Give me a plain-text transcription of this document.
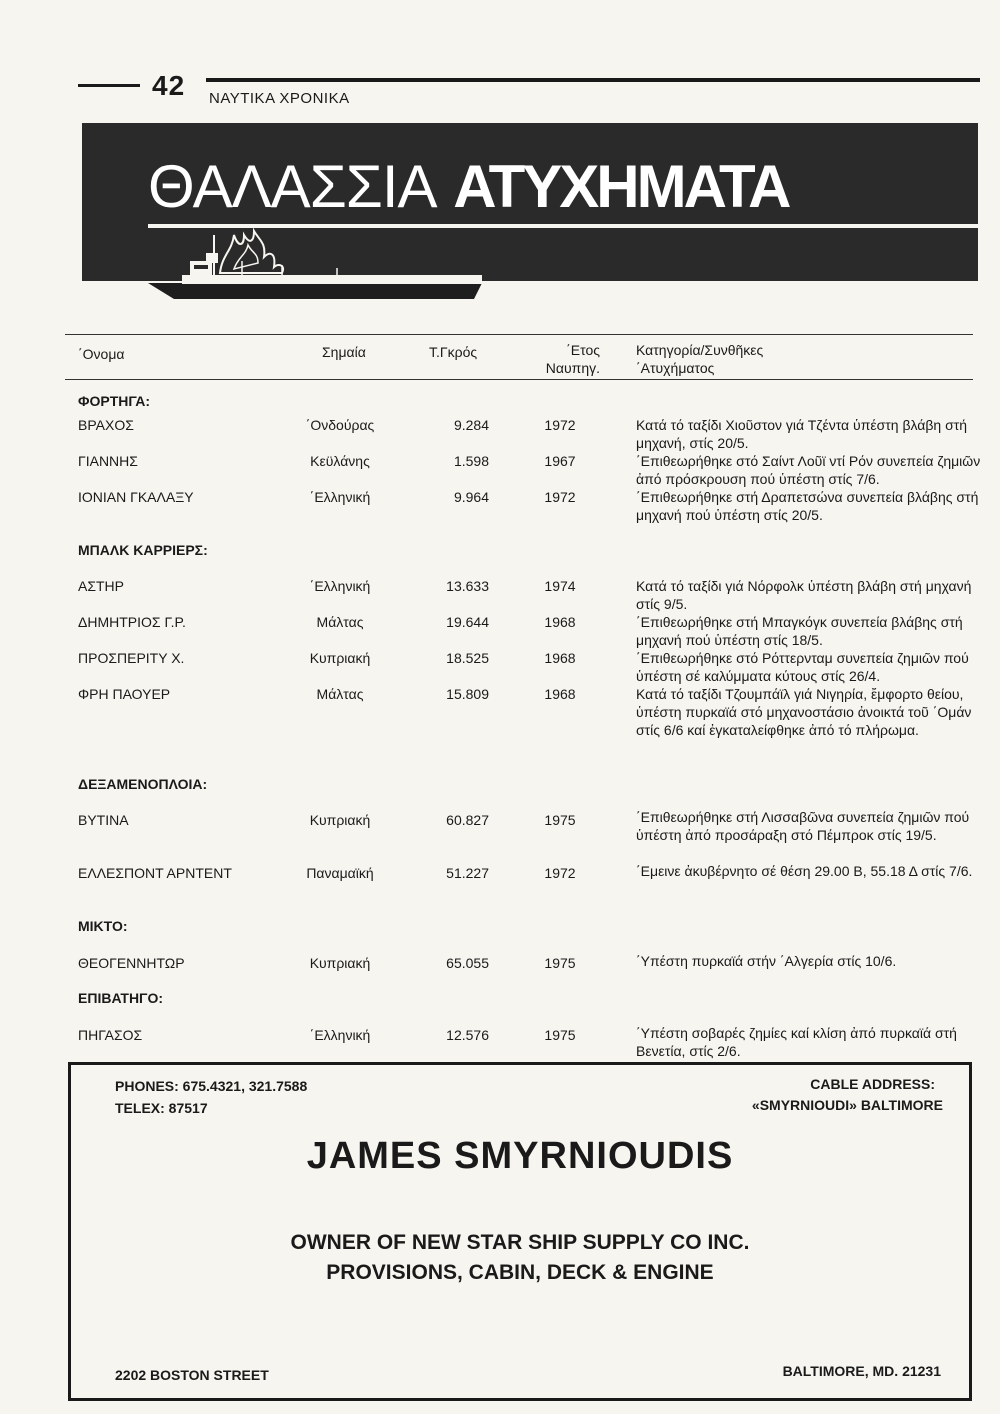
42 ΝΑΥΤΙΚΑ ΧΡΟΝΙΚΑ
ΘΑΛΑΣΣΙΑ ΑΤΥΧΗΜΑΤΑ
΄Ονομα	Σημαία	Τ.Γκρός	΄Ετος
Ναυπηγ.
Κατηγορία/Συνθῆκες
΄Ατυχήματος
ΦΟΡΤΗΓΑ:
ΒΡΑΧΟΣ	΄Ονδούρας	9.284	1972	Κατά τό ταξίδι Χιοῦστον γιά Τζέντα ὑπέστη βλάβη στή μηχανή, στίς 20/5.
ΓΙΑΝΝΗΣ	Κεϋλάνης	1.598	1967	΄Επιθεωρήθηκε στό Σαίντ Λοῦϊ ντί Ρόν συνεπεία ζημιῶν ἀπό πρόσκρουση πού ὑπέστη στίς 7/6.
ΙΟΝΙΑΝ ΓΚΑΛΑΞΥ	΄Ελληνική	9.964	1972	΄Επιθεωρήθηκε στή Δραπετσώνα συνεπεία βλάβης στή μηχανή πού ὑπέστη στίς 20/5.
ΜΠΑΛΚ ΚΑΡΡΙΕΡΣ:
ΑΣΤΗΡ	΄Ελληνική	13.633	1974	Κατά τό ταξίδι γιά Νόρφολκ ὑπέστη βλάβη στή μηχανή στίς 9/5.
ΔΗΜΗΤΡΙΟΣ Γ.Ρ.	Μάλτας	19.644	1968	΄Επιθεωρήθηκε στή Μπαγκόγκ συνεπεία βλάβης στή μηχανή πού ὑπέστη στίς 18/5.
ΠΡΟΣΠΕΡΙΤΥ Χ.	Κυπριακή	18.525	1968	΄Επιθεωρήθηκε στό Ρόττερνταμ συνεπεία ζημιῶν πού ὑπέστη σέ καλύμματα κύτους στίς 26/4.
ΦΡΗ ΠΑΟΥΕΡ	Μάλτας	15.809	1968	Κατά τό ταξίδι Τζουμπάϊλ γιά Νιγηρία, ἔμφορτο θείου, ὑπέστη πυρκαϊά στό μηχανοστάσιο ἀνοικτά τοῦ ΄Ομάν στίς 6/6 καί ἐγκαταλείφθηκε ἀπό τό πλήρωμα.
ΔΕΞΑΜΕΝΟΠΛΟΙΑ:
ΒΥΤΙΝΑ	Κυπριακή	60.827	1975	΄Επιθεωρήθηκε στή Λισσαβῶνα συνεπεία ζημιῶν πού ὑπέστη ἀπό προσάραξη στό Πέμπροκ στίς 19/5.
ΕΛΛΕΣΠΟΝΤ ΑΡΝΤΕΝΤ	Παναμαϊκή	51.227	1972	΄Εμεινε ἀκυβέρνητο σέ θέση 29.00 Β, 55.18 Δ στίς 7/6.
ΜΙΚΤΟ:
ΘΕΟΓΕΝΝΗΤΩΡ	Κυπριακή	65.055	1975	΄Υπέστη πυρκαϊά στήν ΄Αλγερία στίς 10/6.
ΕΠΙΒΑΤΗΓΟ:
ΠΗΓΑΣΟΣ	΄Ελληνική	12.576	1975	΄Υπέστη σοβαρές ζημίες καί κλίση ἀπό πυρκαϊά στή Βενετία, στίς 2/6.
PHONES: 675.4321, 321.7588
TELEX: 87517
CABLE ADDRESS:
«SMYRNIOUDI» BALTIMORE
JAMES SMYRNIOUDIS
OWNER OF NEW STAR SHIP SUPPLY CO INC.
PROVISIONS, CABIN, DECK & ENGINE
2202 BOSTON STREET	BALTIMORE, MD. 21231
